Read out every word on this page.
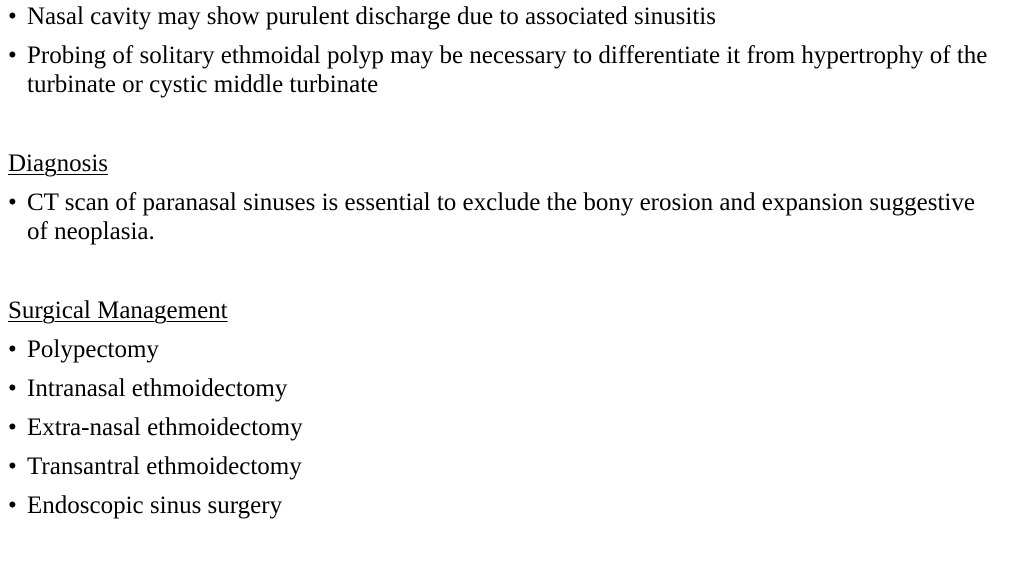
• Nasal cavity may show purulent discharge due to associated sinusitis
• Probing of solitary ethmoidal polyp may be necessary to differentiate it from hypertrophy of the turbinate or cystic middle turbinate
Diagnosis
• CT scan of paranasal sinuses is essential to exclude the bony erosion and expansion suggestive of neoplasia.
Surgical Management
• Polypectomy
• Intranasal ethmoidectomy
• Extra-nasal ethmoidectomy
• Transantral ethmoidectomy
• Endoscopic sinus surgery
